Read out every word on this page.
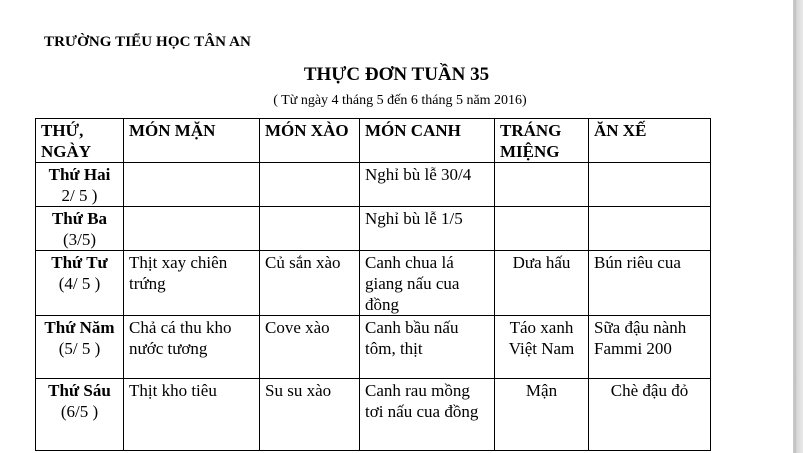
TRƯỜNG TIỂU HỌC TÂN AN
THỰC ĐƠN TUẦN 35
( Từ ngày 4 tháng 5 đến 6 tháng 5 năm 2016)
THỨ, NGÀY	MÓN MẶN	MÓN XÀO	MÓN CANH	TRÁNG MIỆNG	ĂN XẾ
Thứ Hai
2/ 5 )			Nghỉ bù lễ 30/4		
Thứ Ba
(3/5)			Nghỉ bù lễ 1/5		
Thứ Tư
(4/ 5 )	Thịt xay chiên trứng	Củ sắn xào	Canh chua lá giang nấu cua đồng	Dưa hấu	Bún riêu cua
Thứ Năm
(5/ 5 )	Chả cá thu kho nước tương	Cove xào	Canh bầu nấu tôm, thịt	Táo xanh Việt Nam	Sữa đậu nành Fammi 200
Thứ Sáu
(6/5 )	Thịt kho tiêu	Su su xào	Canh rau mồng tơi nấu cua đồng	Mận	Chè đậu đỏ
